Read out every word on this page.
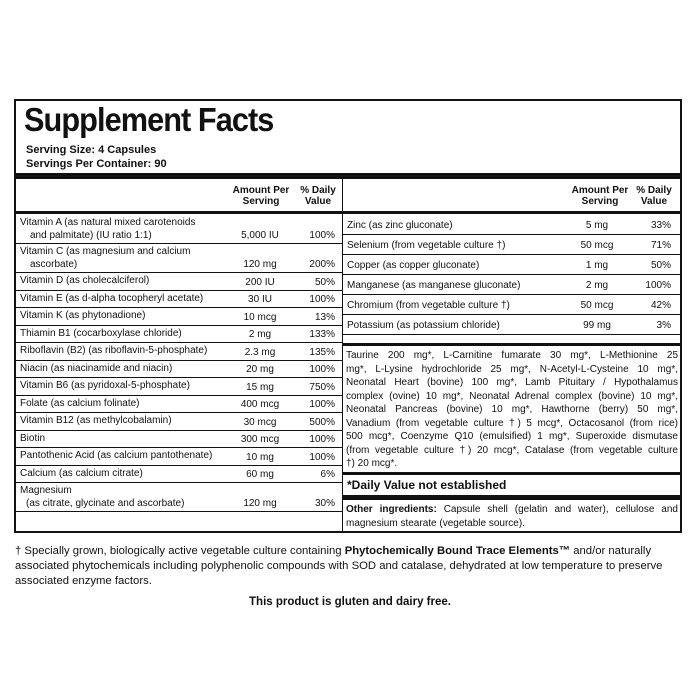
Supplement Facts
Serving Size: 4 Capsules
Servings Per Container: 90
Amount Per
Serving
% Daily
Value
Vitamin A (as natural mixed carotenoids
and palmitate) (IU ratio 1:1)	5,000 IU	100%
Vitamin C (as magnesium and calcium
ascorbate)	120 mg	200%
Vitamin D (as cholecalciferol)	200 IU	50%
Vitamin E (as d-alpha tocopheryl acetate)	30 IU	100%
Vitamin K (as phytonadione)	10 mcg	13%
Thiamin B1 (cocarboxylase chloride)	2 mg	133%
Riboflavin (B2) (as riboflavin-5-phosphate)	2.3 mg	135%
Niacin (as niacinamide and niacin)	20 mg	100%
Vitamin B6 (as pyridoxal-5-phosphate)	15 mg	750%
Folate (as calcium folinate)	400 mcg	100%
Vitamin B12 (as methylcobalamin)	30 mcg	500%
Biotin	300 mcg	100%
Pantothenic Acid (as calcium pantothenate)	10 mg	100%
Calcium (as calcium citrate)	60 mg	6%
Magnesium
(as citrate, glycinate and ascorbate)	120 mg	30%
Amount Per
Serving
% Daily
Value
Zinc (as zinc gluconate)	5 mg	33%
Selenium (from vegetable culture †)	50 mcg	71%
Copper (as copper gluconate)	1 mg	50%
Manganese (as manganese gluconate)	2 mg	100%
Chromium (from vegetable culture †)	50 mcg	42%
Potassium (as potassium chloride)	99 mg	3%
Taurine 200 mg*, L-Carnitine fumarate 30 mg*, L-Methionine 25
mg*, L-Lysine hydrochloride 25 mg*, N-Acetyl-L-Cysteine 10 mg*,
Neonatal Heart (bovine) 100 mg*, Lamb Pituitary / Hypothalamus
complex (ovine) 10 mg*, Neonatal Adrenal complex (bovine) 10 mg*,
Neonatal Pancreas (bovine) 10 mg*, Hawthorne (berry) 50 mg*,
Vanadium (from vegetable culture †) 5 mcg*, Octacosanol (from rice)
500 mcg*, Coenzyme Q10 (emulsified) 1 mg*, Superoxide dismutase
(from vegetable culture †) 20 mcg*, Catalase (from vegetable culture
†) 20 mcg*.
*Daily Value not established
Other ingredients: Capsule shell (gelatin and water), cellulose and magnesium stearate (vegetable source).
† Specially grown, biologically active vegetable culture containing Phytochemically Bound Trace Elements™ and/or naturally associated phytochemicals including polyphenolic compounds with SOD and catalase, dehydrated at low temperature to preserve associated enzyme factors.
This product is gluten and dairy free.
